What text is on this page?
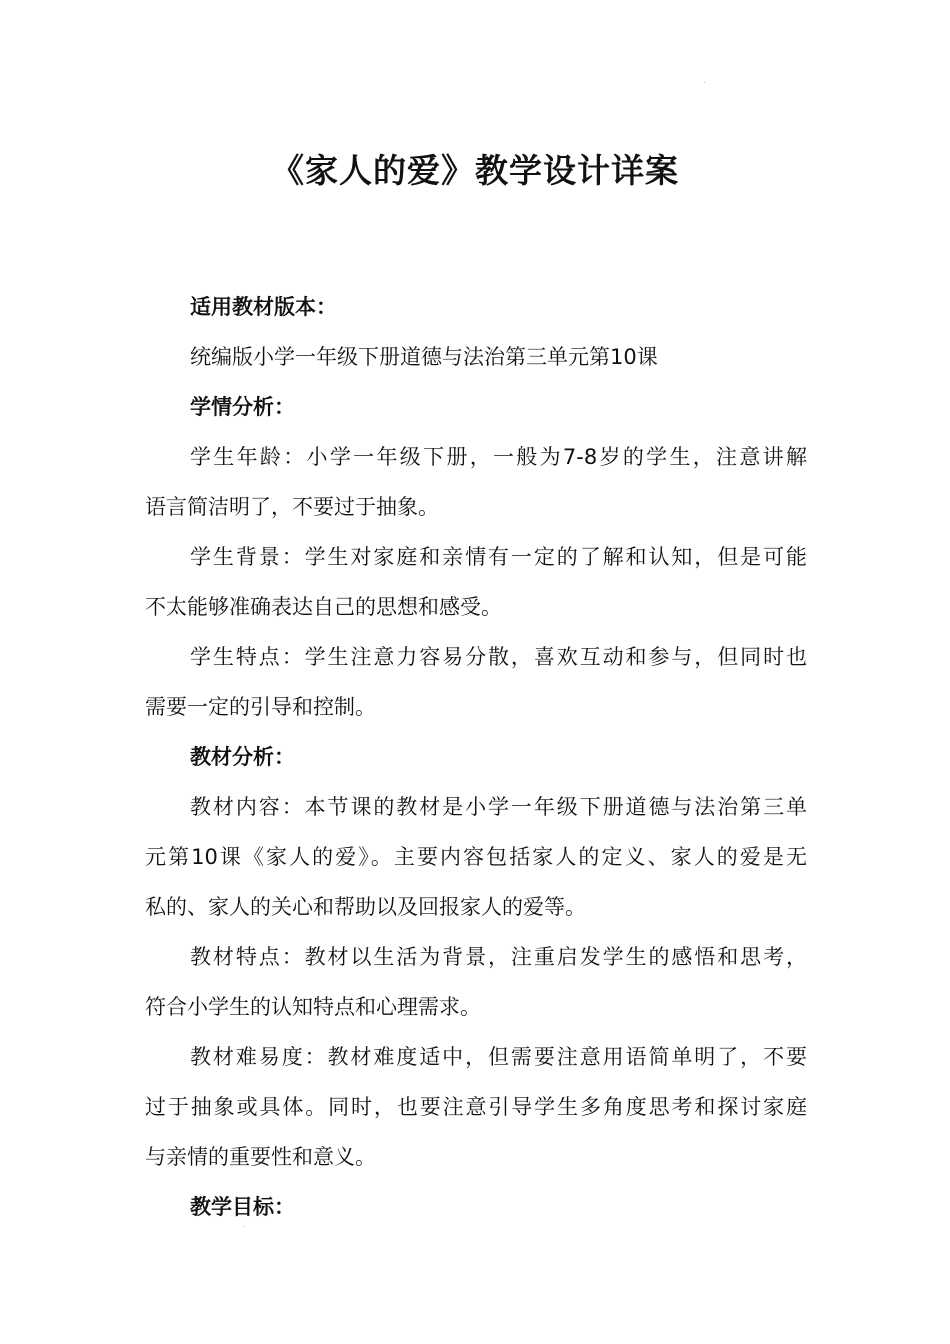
《家人的爱》教学设计详案

适用教材版本：

统编版小学一年级下册道德与法治第三单元第10课

学情分析：

学生年龄：小学一年级下册，一般为7-8岁的学生，注意讲解

语言简洁明了，不要过于抽象。

学生背景：学生对家庭和亲情有一定的了解和认知，但是可能

不太能够准确表达自己的思想和感受。

学生特点：学生注意力容易分散，喜欢互动和参与，但同时也

需要一定的引导和控制。

教材分析：

教材内容：本节课的教材是小学一年级下册道德与法治第三单

元第10课《家人的爱》。主要内容包括家人的定义、家人的爱是无

私的、家人的关心和帮助以及回报家人的爱等。

教材特点：教材以生活为背景，注重启发学生的感悟和思考，

符合小学生的认知特点和心理需求。

教材难易度：教材难度适中，但需要注意用语简单明了，不要

过于抽象或具体。同时，也要注意引导学生多角度思考和探讨家庭

与亲情的重要性和意义。

教学目标：
